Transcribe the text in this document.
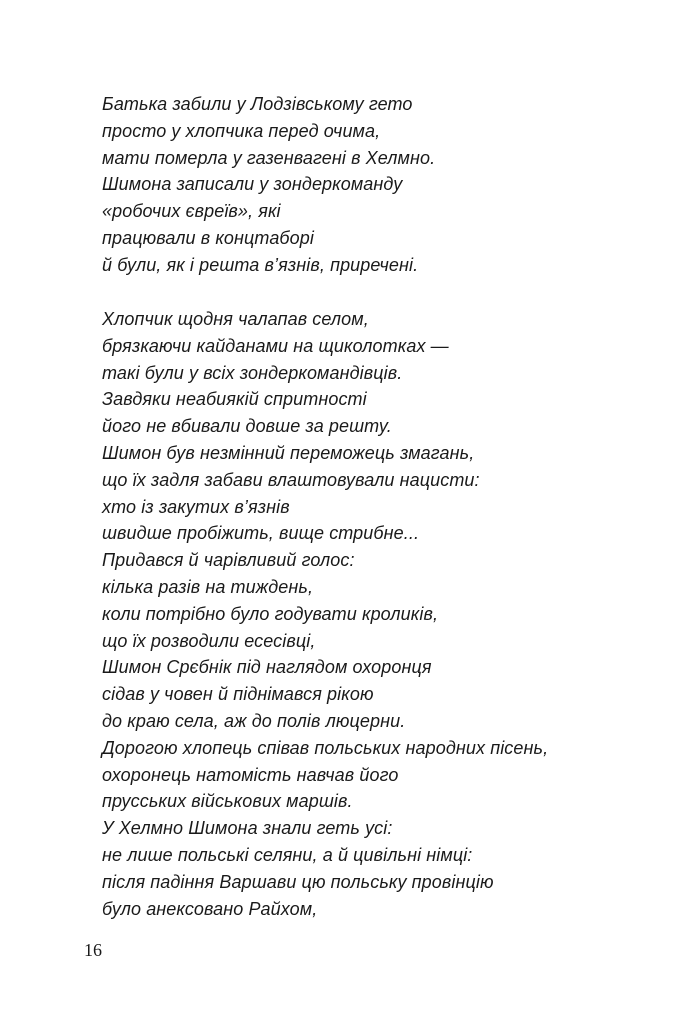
Батька забили у Лодзівському гето
просто у хлопчика перед очима,
мати померла у газенвагені в Хелмно.
Шимона записали у зондеркоманду
«робочих євреїв», які
працювали в концтаборі
й були, як і решта в’язнів, приречені.
Хлопчик щодня чалапав селом,
брязкаючи кайданами на щиколотках —
такі були у всіх зондеркомандівців.
Завдяки неабиякій спритності
його не вбивали довше за решту.
Шимон був незмінний переможець змагань,
що їх задля забави влаштовували нацисти:
хто із закутих в’язнів
швидше пробіжить, вище стрибне...
Придався й чарівливий голос:
кілька разів на тиждень,
коли потрібно було годувати кроликів,
що їх розводили есесівці,
Шимон Срєбнік під наглядом охоронця
сідав у човен й піднімався рікою
до краю села, аж до полів люцерни.
Дорогою хлопець співав польських народних пісень,
охоронець натомість навчав його
прусських військових маршів.
У Хелмно Шимона знали геть усі:
не лише польські селяни, а й цивільні німці:
після падіння Варшави цю польську провінцію
було анексовано Райхом,
16
